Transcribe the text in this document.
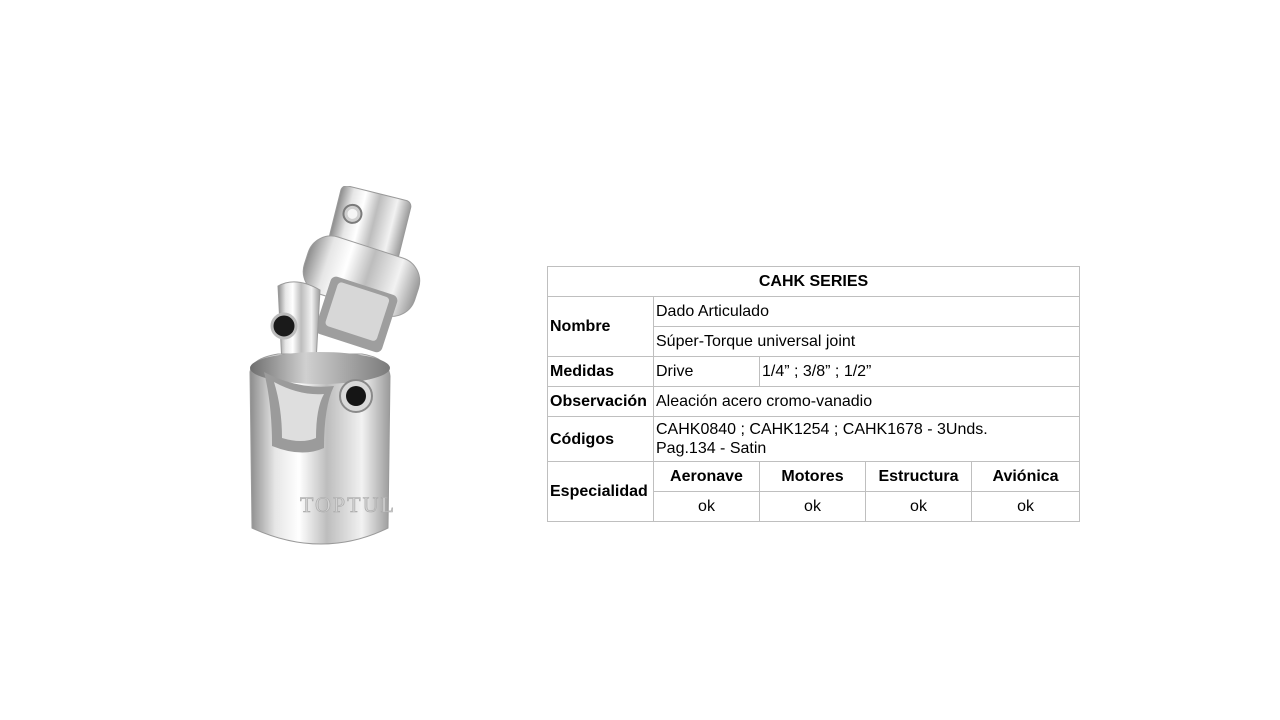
TOPTUL
CAHK SERIES				
Nombre	Dado Articulado			
	Súper-Torque universal joint			
Medidas	Drive	1/4” ; 3/8” ; 1/2”		
Observación	Aleación acero cromo-vanadio			
Códigos	CAHK0840 ; CAHK1254 ; CAHK1678 - 3Unds.
Pag.134 - Satin			

Especialidad	Aeronave	Motores	Estructura	Aviónica
	ok	ok	ok	ok
